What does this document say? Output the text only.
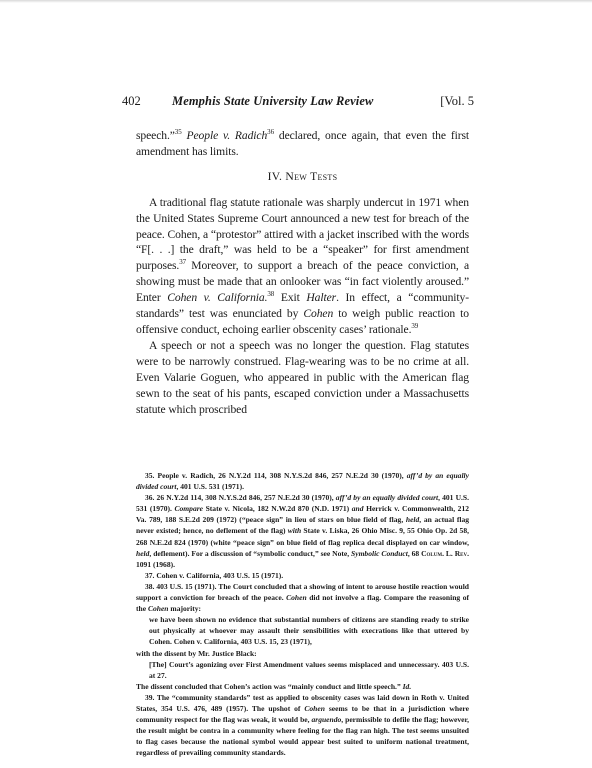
402	Memphis State University Law Review	[Vol. 5

speech.”$^{35}$ People v. Radich$^{36}$ declared, once again, that even the first amendment has limits.

IV. New Tests

A traditional flag statute rationale was sharply undercut in 1971 when the United States Supreme Court announced a new test for breach of the peace. Cohen, a “protestor” attired with a jacket inscribed with the words “F[. . .] the draft,” was held to be a “speaker” for first amendment purposes.$^{37}$ Moreover, to support a breach of the peace conviction, a showing must be made that an onlooker was “in fact violently aroused.” Enter Cohen v. California.$^{38}$ Exit Halter. In effect, a “community-standards” test was enunciated by Cohen to weigh public reaction to offensive conduct, echoing earlier obscenity cases’ rationale.$^{39}$

A speech or not a speech was no longer the question. Flag statutes were to be narrowly construed. Flag-wearing was to be no crime at all. Even Valarie Goguen, who appeared in public with the American flag sewn to the seat of his pants, escaped conviction under a Massachusetts statute which proscribed

35. People v. Radich, 26 N.Y.2d 114, 308 N.Y.S.2d 846, 257 N.E.2d 30 (1970), aff’d by an equally divided court, 401 U.S. 531 (1971).

36. 26 N.Y.2d 114, 308 N.Y.S.2d 846, 257 N.E.2d 30 (1970), aff’d by an equally divided court, 401 U.S. 531 (1970). Compare State v. Nicola, 182 N.W.2d 870 (N.D. 1971) and Herrick v. Commonwealth, 212 Va. 789, 188 S.E.2d 209 (1972) (“peace sign” in lieu of stars on blue field of flag, held, an actual flag never existed; hence, no deflement of the flag) with State v. Liska, 26 Ohio Misc. 9, 55 Ohio Op. 2d 58, 268 N.E.2d 824 (1970) (white “peace sign” on blue field of flag replica decal displayed on car window, held, deflement). For a discussion of “symbolic conduct,” see Note, Symbolic Conduct, 68 Colum. L. Rev. 1091 (1968).

37. Cohen v. California, 403 U.S. 15 (1971).

38. 403 U.S. 15 (1971). The Court concluded that a showing of intent to arouse hostile reaction would support a conviction for breach of the peace. Cohen did not involve a flag. Compare the reasoning of the Cohen majority:

we have been shown no evidence that substantial numbers of citizens are standing ready to strike out physically at whoever may assault their sensibilities with execrations like that uttered by Cohen. Cohen v. California, 403 U.S. 15, 23 (1971),

with the dissent by Mr. Justice Black:

[The] Court’s agonizing over First Amendment values seems misplaced and unnecessary. 403 U.S. at 27.

The dissent concluded that Cohen’s action was “mainly conduct and little speech.” Id.

39. The “community standards” test as applied to obscenity cases was laid down in Roth v. United States, 354 U.S. 476, 489 (1957). The upshot of Cohen seems to be that in a jurisdiction where community respect for the flag was weak, it would be, arguendo, permissible to defile the flag; however, the result might be contra in a community where feeling for the flag ran high. The test seems unsuited to flag cases because the national symbol would appear best suited to uniform national treatment, regardless of prevailing community standards.
